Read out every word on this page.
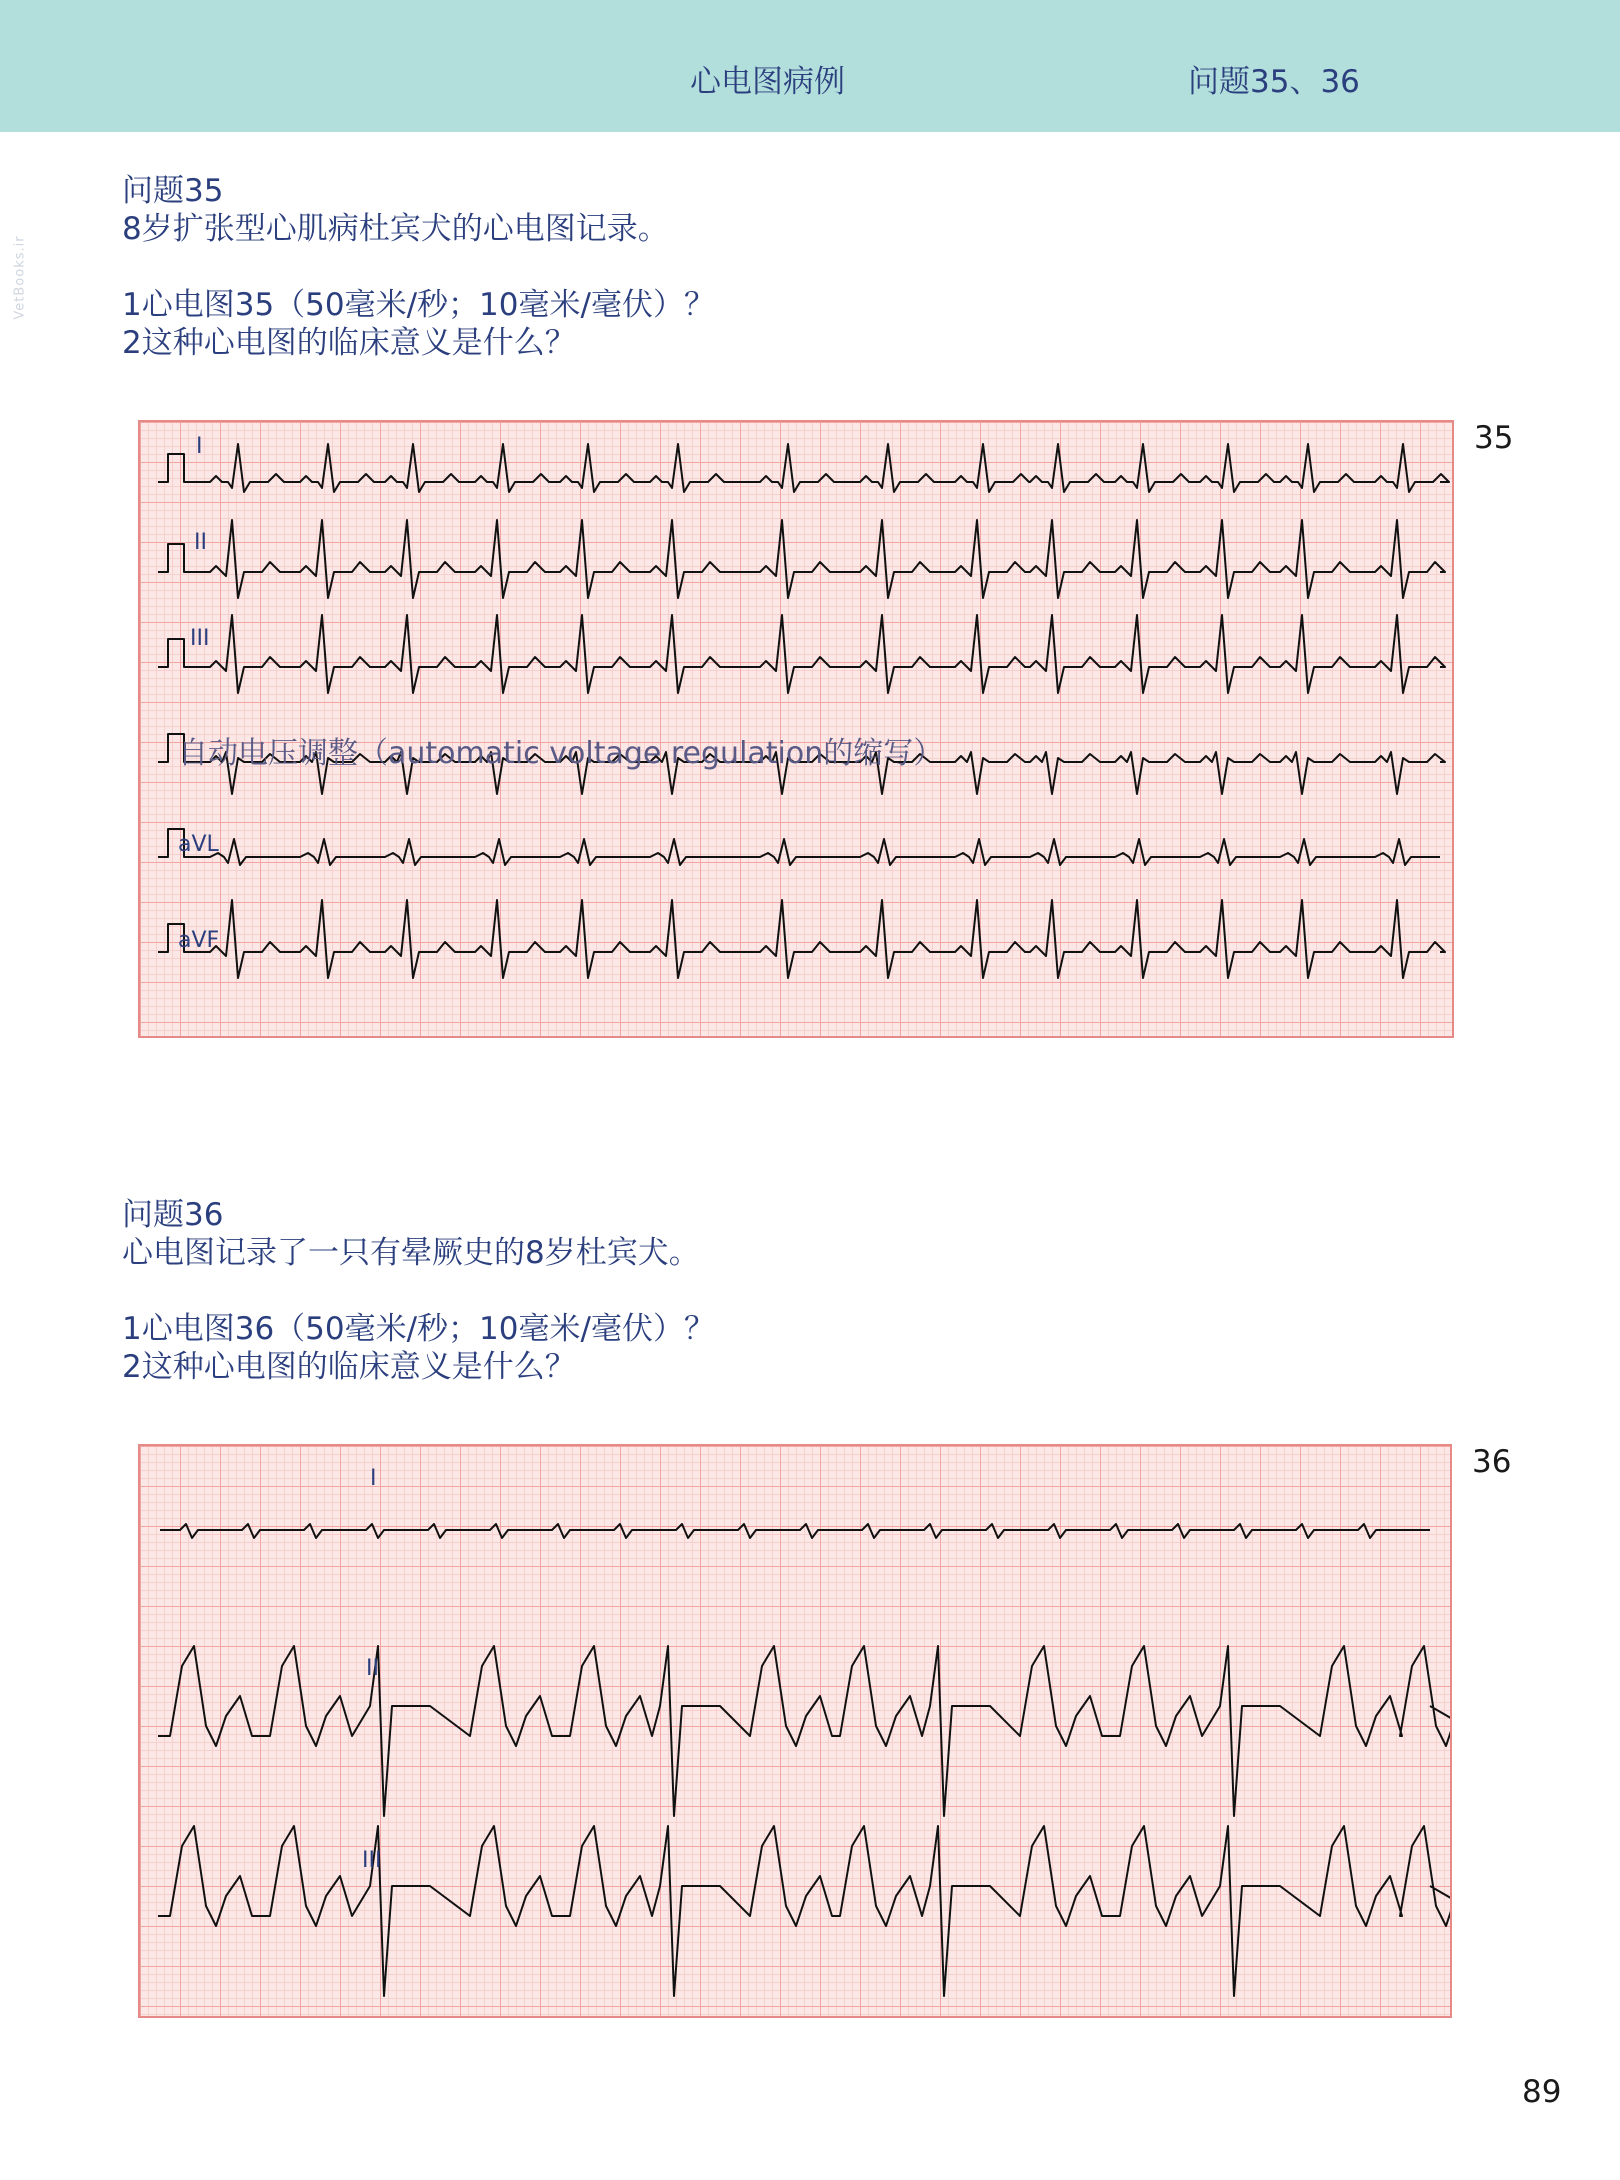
心电图病例	问题35、36
VetBooks.ir
问题35
8岁扩张型心肌病杜宾犬的心电图记录。
1心电图35（50毫米/秒；10毫米/毫伏）？
2这种心电图的临床意义是什么？
I
II
III
aVL
aVF
自动电压调整（automatic voltage regulation的缩写）
35
问题36
心电图记录了一只有晕厥史的8岁杜宾犬。
1心电图36（50毫米/秒；10毫米/毫伏）？
2这种心电图的临床意义是什么？
I
II
III
36
89
